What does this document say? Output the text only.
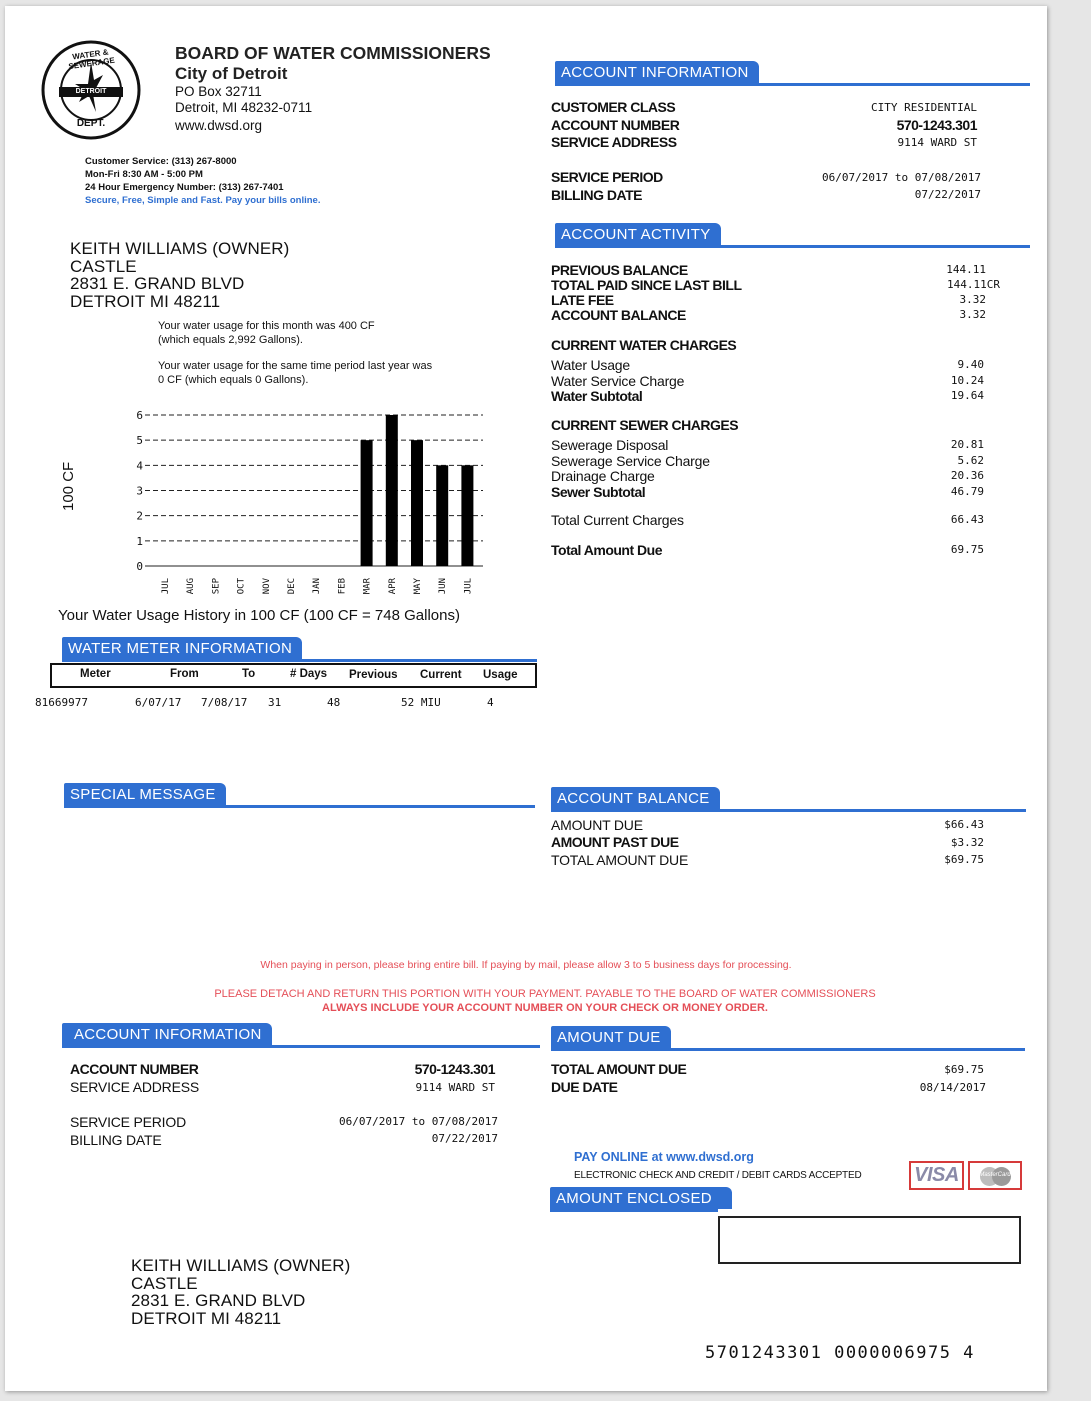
WATER & SEWERAGE
DETROIT
DEPT.
BOARD OF WATER COMMISSIONERS
City of Detroit
PO Box 32711
Detroit, MI 48232-0711
www.dwsd.org
Customer Service: (313) 267-8000
Mon-Fri 8:30 AM - 5:00 PM
24 Hour Emergency Number: (313) 267-7401
Secure, Free, Simple and Fast. Pay your bills online.
KEITH WILLIAMS (OWNER)
CASTLE
2831 E. GRAND BLVD
DETROIT MI 48211
Your water usage for this month was 400 CF
(which equals 2,992 Gallons).
Your water usage for the same time period last year was
0 CF (which equals 0 Gallons).
100 CF
0
1
2
3
4
5
6
JUL AUG SEP OCT NOV DEC JAN FEB MAR APR MAY JUN JUL
Your Water Usage History in 100 CF (100 CF = 748 Gallons)
WATER METER INFORMATION
Meter	From	To	# Days Previous Current Usage
81669977	6/07/17 7/08/17 31	48	52 MIU	4
ACCOUNT INFORMATION
CUSTOMER CLASS	CITY RESIDENTIAL
ACCOUNT NUMBER	570-1243.301
SERVICE ADDRESS	9114 WARD ST
SERVICE PERIOD	06/07/2017 to 07/08/2017
BILLING DATE	07/22/2017
ACCOUNT ACTIVITY
PREVIOUS BALANCE	144.11
TOTAL PAID SINCE LAST BILL	144.11CR
LATE FEE	3.32
ACCOUNT BALANCE	3.32
CURRENT WATER CHARGES
Water Usage	9.40
Water Service Charge	10.24
Water Subtotal	19.64
CURRENT SEWER CHARGES
Sewerage Disposal	20.81
Sewerage Service Charge	5.62
Drainage Charge	20.36
Sewer Subtotal	46.79
Total Current Charges	66.43
Total Amount Due	69.75
SPECIAL MESSAGE	ACCOUNT BALANCE
AMOUNT DUE	$66.43
AMOUNT PAST DUE	$3.32
TOTAL AMOUNT DUE	$69.75
When paying in person, please bring entire bill. If paying by mail, please allow 3 to 5 business days for processing.
PLEASE DETACH AND RETURN THIS PORTION WITH YOUR PAYMENT. PAYABLE TO THE BOARD OF WATER COMMISSIONERS
ALWAYS INCLUDE YOUR ACCOUNT NUMBER ON YOUR CHECK OR MONEY ORDER.
ACCOUNT INFORMATION
ACCOUNT NUMBER	570-1243.301
SERVICE ADDRESS	9114 WARD ST
SERVICE PERIOD	06/07/2017 to 07/08/2017
BILLING DATE	07/22/2017
AMOUNT DUE
TOTAL AMOUNT DUE	$69.75
DUE DATE	08/14/2017
PAY ONLINE at www.dwsd.org
ELECTRONIC CHECK AND CREDIT / DEBIT CARDS ACCEPTED	VISA	MasterCard
AMOUNT ENCLOSED
KEITH WILLIAMS (OWNER)
CASTLE
2831 E. GRAND BLVD
DETROIT MI 48211
5701243301 0000006975 4
